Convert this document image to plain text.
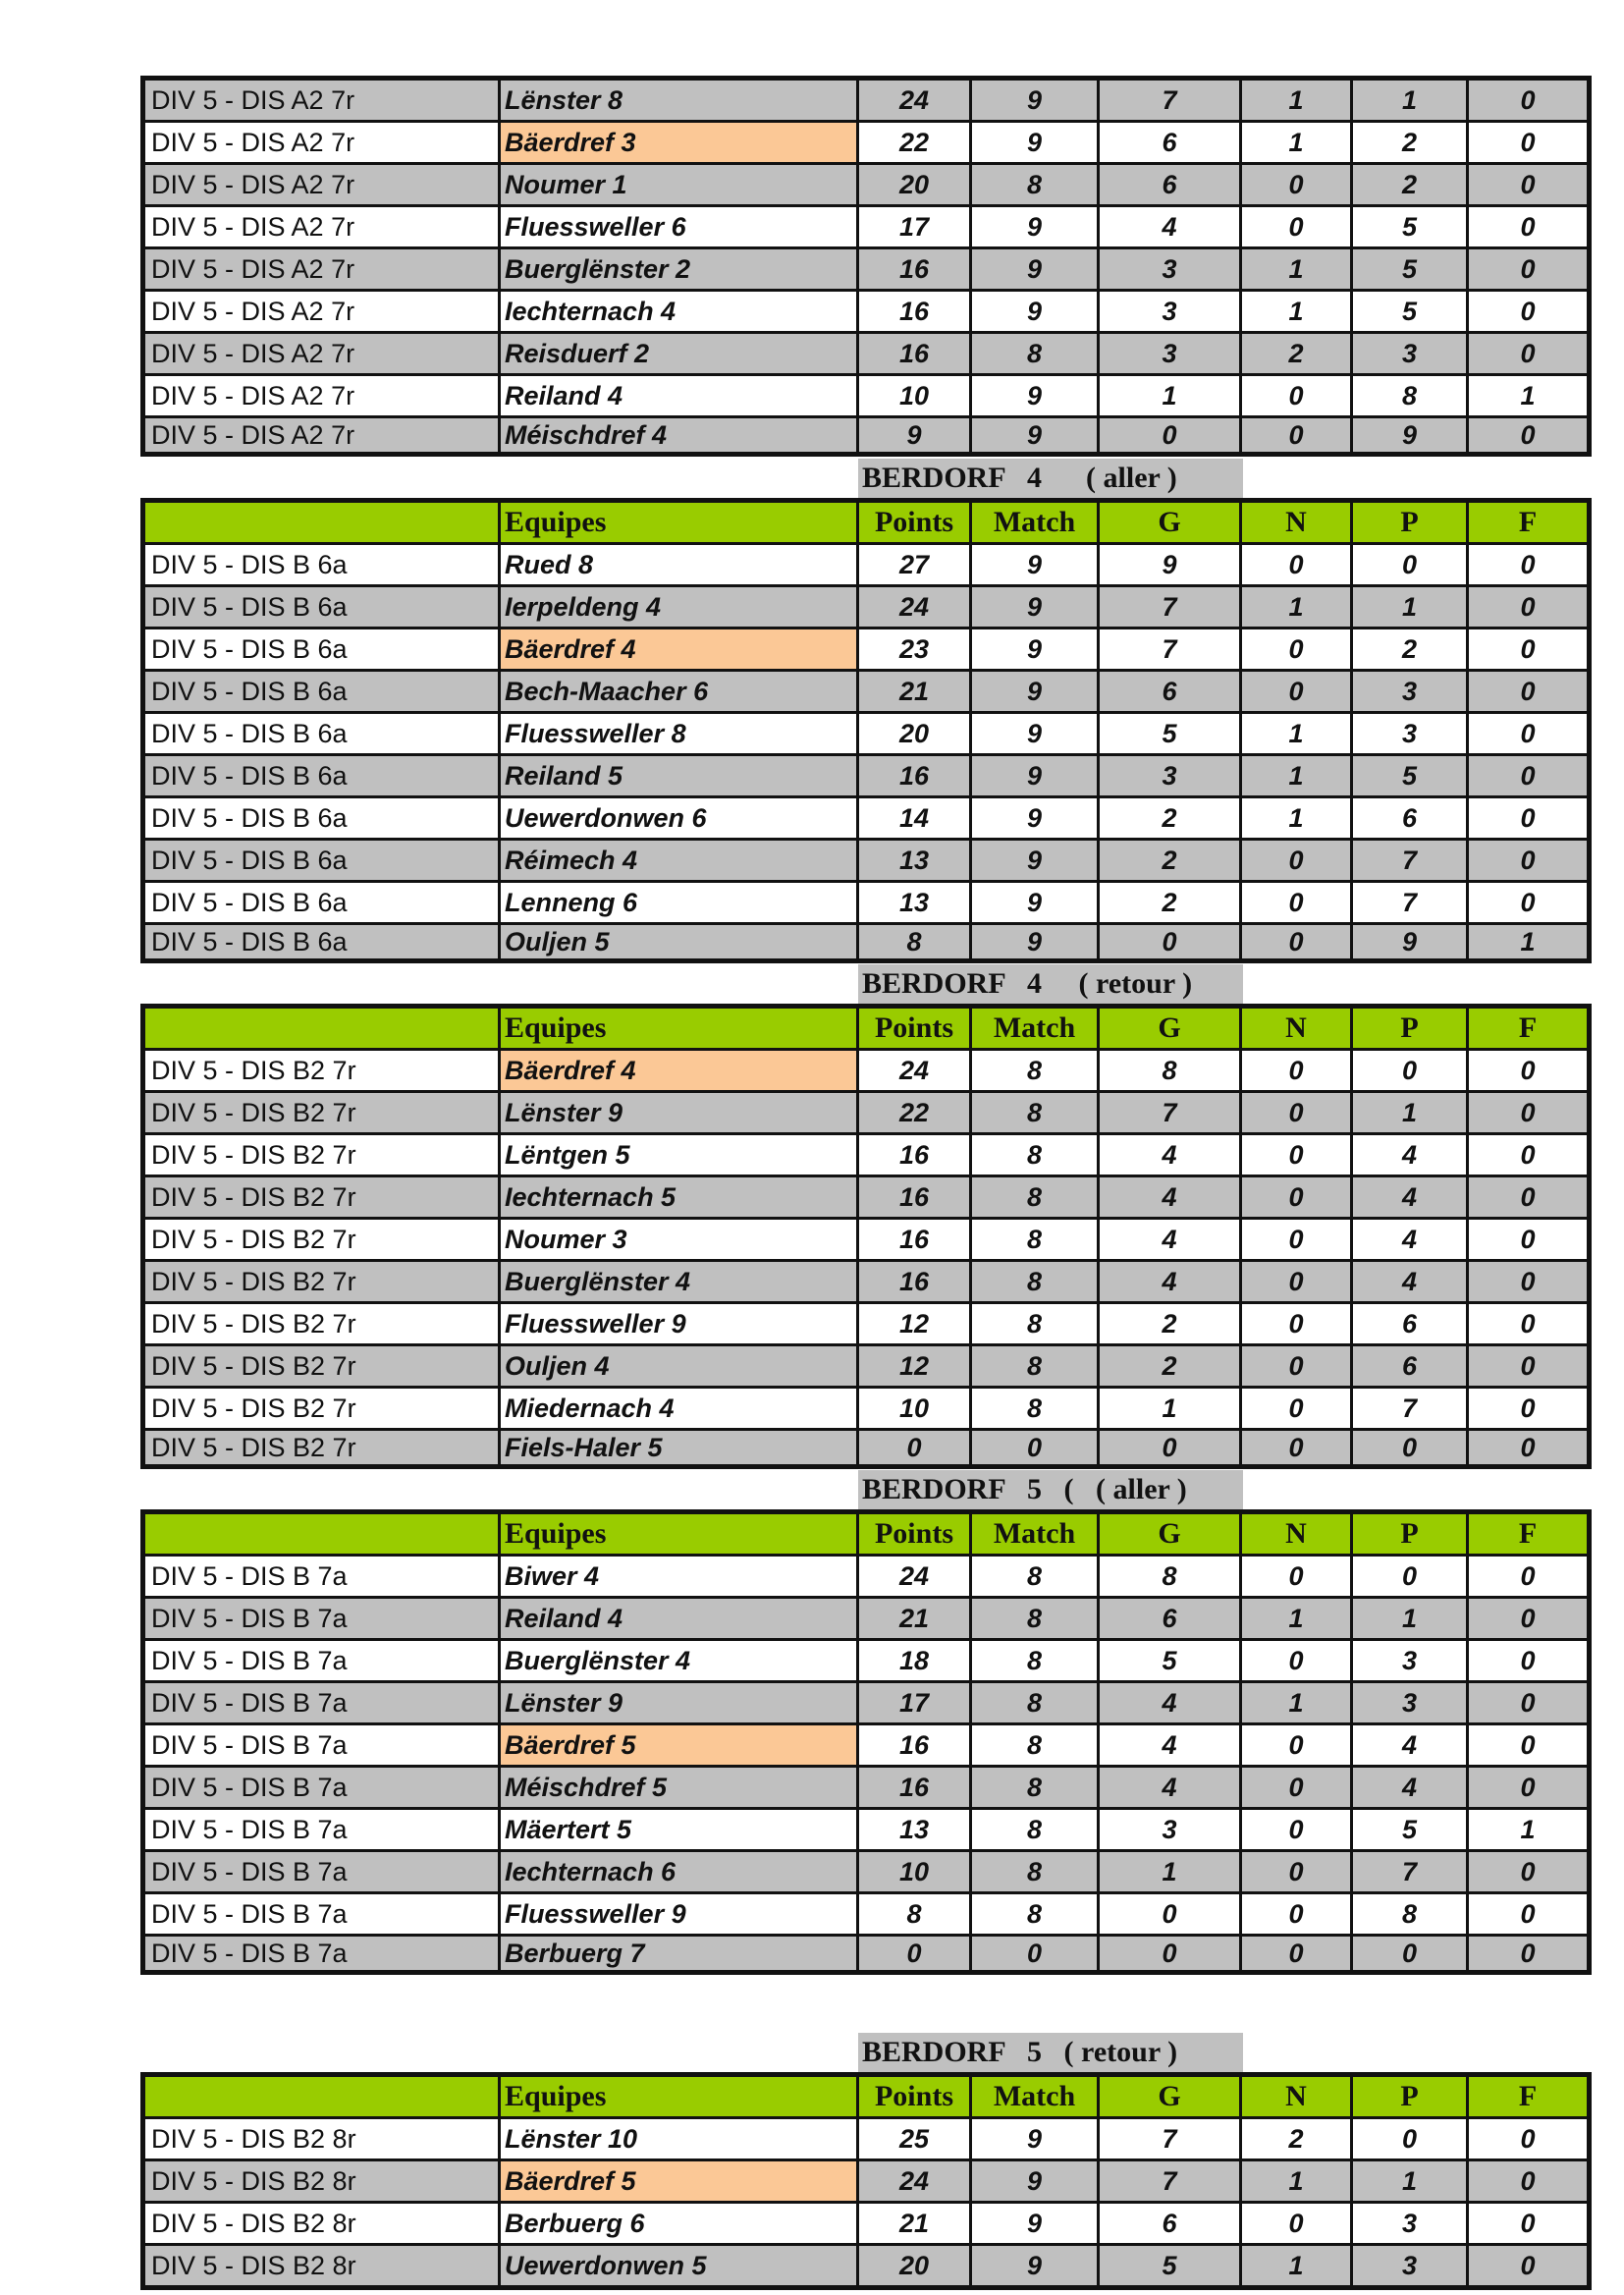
DIV 5 - DIS A2 7r	Lënster 8	24	9	7	1	1	0
DIV 5 - DIS A2 7r	Bäerdref 3	22	9	6	1	2	0
DIV 5 - DIS A2 7r	Noumer 1	20	8	6	0	2	0
DIV 5 - DIS A2 7r	Fluessweller 6	17	9	4	0	5	0
DIV 5 - DIS A2 7r	Buerglënster 2	16	9	3	1	5	0
DIV 5 - DIS A2 7r	Iechternach 4	16	9	3	1	5	0
DIV 5 - DIS A2 7r	Reisduerf 2	16	8	3	2	3	0
DIV 5 - DIS A2 7r	Reiland 4	10	9	1	0	8	1
DIV 5 - DIS A2 7r	Méischdref 4	9	9	0	0	9	0
BERDORF   4      ( aller )
	Equipes	Points	Match	G	N	P	F
DIV 5 - DIS B 6a	Rued 8	27	9	9	0	0	0
DIV 5 - DIS B 6a	Ierpeldeng 4	24	9	7	1	1	0
DIV 5 - DIS B 6a	Bäerdref 4	23	9	7	0	2	0
DIV 5 - DIS B 6a	Bech-Maacher 6	21	9	6	0	3	0
DIV 5 - DIS B 6a	Fluessweller 8	20	9	5	1	3	0
DIV 5 - DIS B 6a	Reiland 5	16	9	3	1	5	0
DIV 5 - DIS B 6a	Uewerdonwen 6	14	9	2	1	6	0
DIV 5 - DIS B 6a	Réimech 4	13	9	2	0	7	0
DIV 5 - DIS B 6a	Lenneng 6	13	9	2	0	7	0
DIV 5 - DIS B 6a	Ouljen 5	8	9	0	0	9	1
BERDORF   4     ( retour )
	Equipes	Points	Match	G	N	P	F
DIV 5 - DIS B2 7r	Bäerdref 4	24	8	8	0	0	0
DIV 5 - DIS B2 7r	Lënster 9	22	8	7	0	1	0
DIV 5 - DIS B2 7r	Lëntgen 5	16	8	4	0	4	0
DIV 5 - DIS B2 7r	Iechternach 5	16	8	4	0	4	0
DIV 5 - DIS B2 7r	Noumer 3	16	8	4	0	4	0
DIV 5 - DIS B2 7r	Buerglënster 4	16	8	4	0	4	0
DIV 5 - DIS B2 7r	Fluessweller 9	12	8	2	0	6	0
DIV 5 - DIS B2 7r	Ouljen 4	12	8	2	0	6	0
DIV 5 - DIS B2 7r	Miedernach 4	10	8	1	0	7	0
DIV 5 - DIS B2 7r	Fiels-Haler 5	0	0	0	0	0	0
BERDORF   5   (   ( aller )
	Equipes	Points	Match	G	N	P	F
DIV 5 - DIS B 7a	Biwer 4	24	8	8	0	0	0
DIV 5 - DIS B 7a	Reiland 4	21	8	6	1	1	0
DIV 5 - DIS B 7a	Buerglënster 4	18	8	5	0	3	0
DIV 5 - DIS B 7a	Lënster 9	17	8	4	1	3	0
DIV 5 - DIS B 7a	Bäerdref 5	16	8	4	0	4	0
DIV 5 - DIS B 7a	Méischdref 5	16	8	4	0	4	0
DIV 5 - DIS B 7a	Mäertert 5	13	8	3	0	5	1
DIV 5 - DIS B 7a	Iechternach 6	10	8	1	0	7	0
DIV 5 - DIS B 7a	Fluessweller 9	8	8	0	0	8	0
DIV 5 - DIS B 7a	Berbuerg 7	0	0	0	0	0	0
BERDORF   5   ( retour )
	Equipes	Points	Match	G	N	P	F
DIV 5 - DIS B2 8r	Lënster 10	25	9	7	2	0	0
DIV 5 - DIS B2 8r	Bäerdref 5	24	9	7	1	1	0
DIV 5 - DIS B2 8r	Berbuerg 6	21	9	6	0	3	0
DIV 5 - DIS B2 8r	Uewerdonwen 5	20	9	5	1	3	0
